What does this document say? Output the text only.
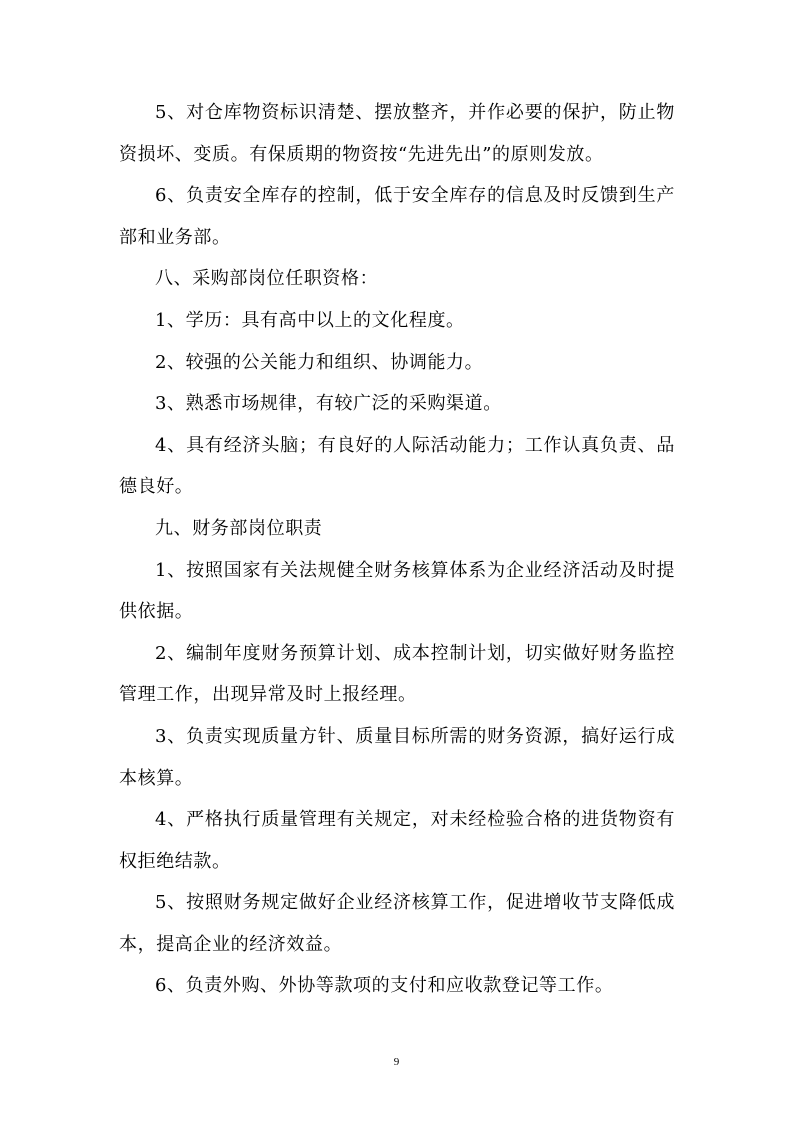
5、对仓库物资标识清楚、摆放整齐，并作必要的保护，防止物资损坏、变质。有保质期的物资按“先进先出”的原则发放。

6、负责安全库存的控制，低于安全库存的信息及时反馈到生产部和业务部。

八、采购部岗位任职资格：

1、学历：具有高中以上的文化程度。

2、较强的公关能力和组织、协调能力。

3、熟悉市场规律，有较广泛的采购渠道。

4、具有经济头脑；有良好的人际活动能力；工作认真负责、品德良好。

九、财务部岗位职责

1、按照国家有关法规健全财务核算体系为企业经济活动及时提供依据。

2、编制年度财务预算计划、成本控制计划，切实做好财务监控管理工作，出现异常及时上报经理。

3、负责实现质量方针、质量目标所需的财务资源，搞好运行成本核算。

4、严格执行质量管理有关规定，对未经检验合格的进货物资有权拒绝结款。

5、按照财务规定做好企业经济核算工作，促进增收节支降低成本，提高企业的经济效益。

6、负责外购、外协等款项的支付和应收款登记等工作。

9
